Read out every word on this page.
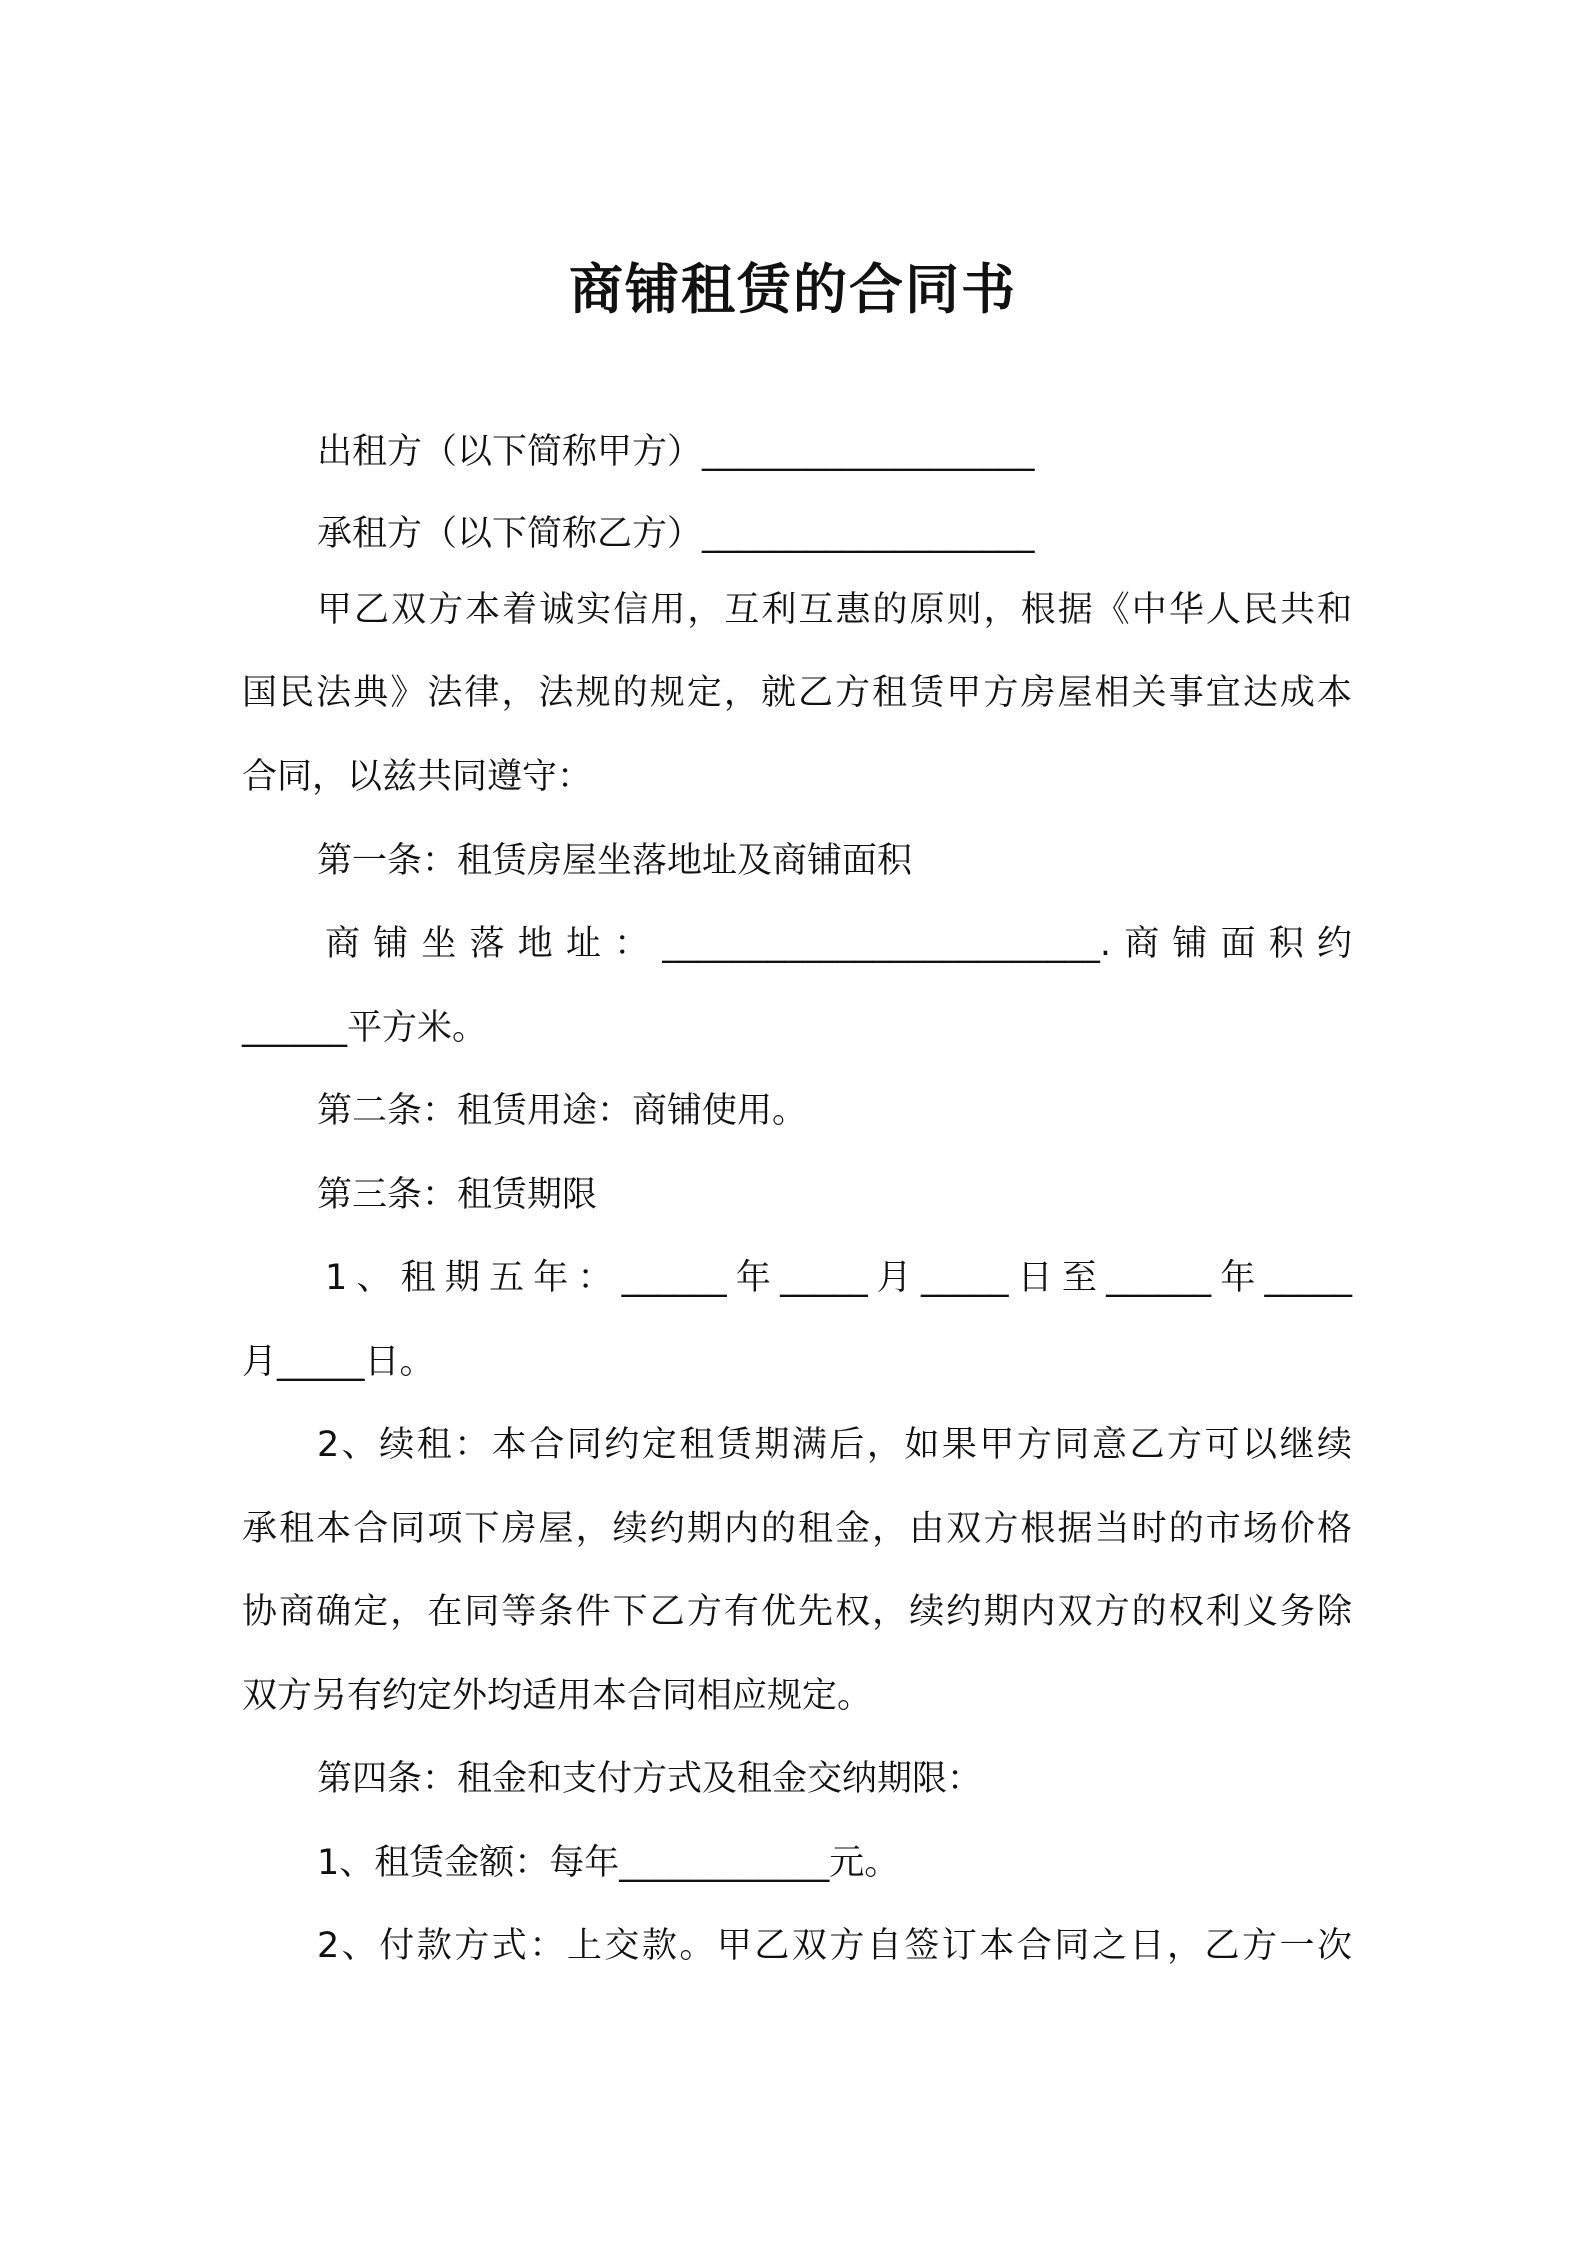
商铺租赁的合同书
出租方（以下简称甲方）___________________
承租方（以下简称乙方）___________________
甲乙双方本着诚实信用，互利互惠的原则，根据《中华人民共和
国民法典》法律，法规的规定，就乙方租赁甲方房屋相关事宜达成本
合同，以兹共同遵守：
第一条：租赁房屋坐落地址及商铺面积
商铺坐落地址：_________________________.商铺面积约
______平方米。
第二条：租赁用途：商铺使用。
第三条：租赁期限
1、租期五年：______年_____月_____日至______年_____
月_____日。
2、续租：本合同约定租赁期满后，如果甲方同意乙方可以继续
承租本合同项下房屋，续约期内的租金，由双方根据当时的市场价格
协商确定，在同等条件下乙方有优先权，续约期内双方的权利义务除
双方另有约定外均适用本合同相应规定。
第四条：租金和支付方式及租金交纳期限：
1、租赁金额：每年____________元。
2、付款方式：上交款。甲乙双方自签订本合同之日，乙方一次
